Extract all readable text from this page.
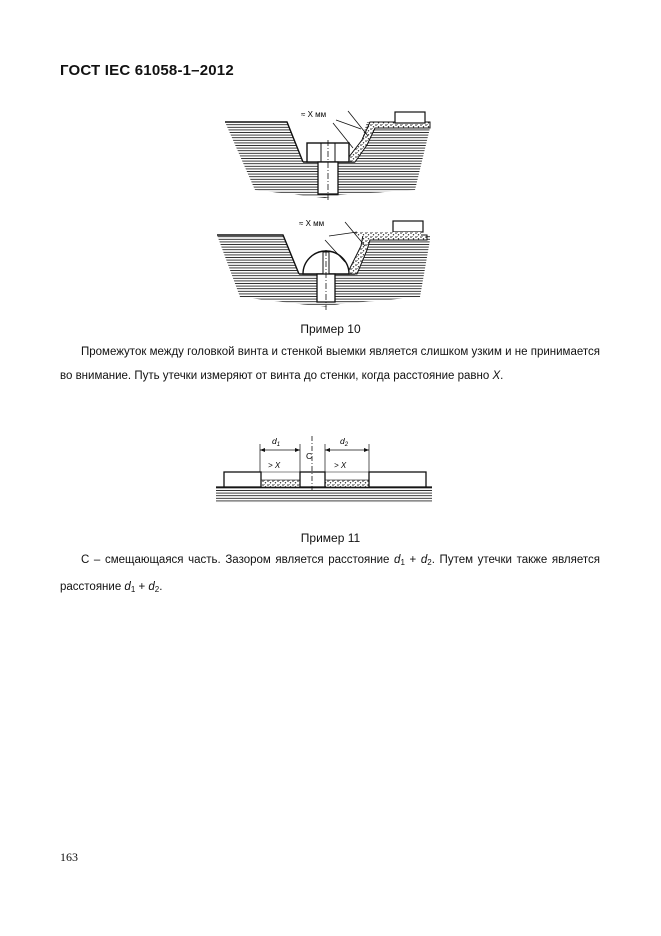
ГОСТ IEC 61058-1–2012
≈ X мм
≈ X мм
Пример 10

Промежуток между головкой винта и стенкой выемки является слишком узким и не принимается во внимание. Путь утечки измеряют от винта до стенки, когда расстояние равно X.

$d_1$	$d_2$
C
> X	> X
Пример 11

C – смещающаяся часть. Зазором является расстояние $d_1 + d_2$. Путем утечки также является расстояние $d_1 + d_2$.

163
